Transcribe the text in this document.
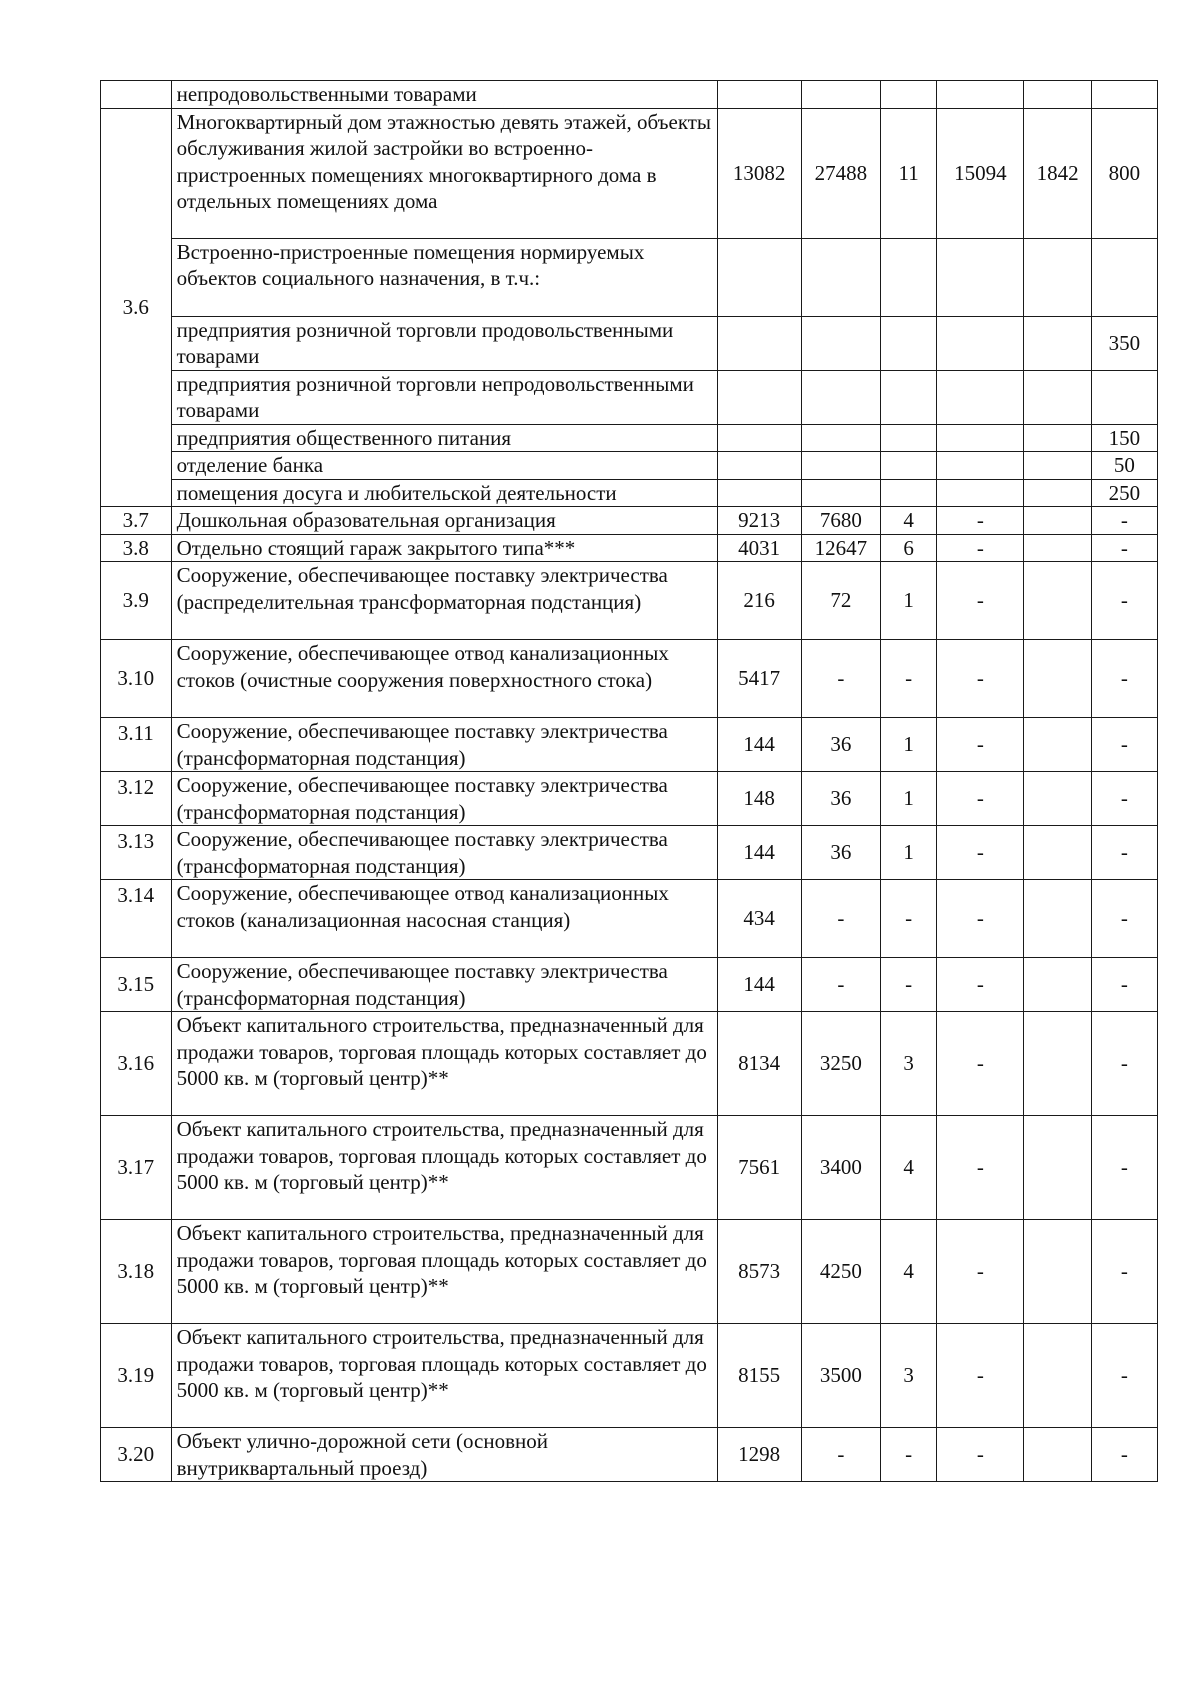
	непродовольственными товарами						
3.6	Многоквартирный дом этажностью девять этажей, объекты обслуживания жилой застройки во встроенно-пристроенных помещениях многоквартирного дома в отдельных помещениях дома	13082	27488	11	15094	1842	800
	Встроенно-пристроенные помещения нормируемых объектов социального назначения, в т.ч.:						
	предприятия розничной торговли продовольственными товарами						350
	предприятия розничной торговли непродовольственными товарами						
	предприятия общественного питания						150
	отделение банка						50
	помещения досуга и любительской деятельности						250
3.7	Дошкольная образовательная организация	9213	7680	4	-		-
3.8	Отдельно стоящий гараж закрытого типа***	4031	12647	6	-		-
3.9	Сооружение, обеспечивающее поставку электричества (распределительная трансформаторная подстанция)	216	72	1	-		-
3.10	Сооружение, обеспечивающее отвод канализационных стоков (очистные сооружения поверхностного стока)	5417	-	-	-		-
3.11	Сооружение, обеспечивающее поставку электричества (трансформаторная подстанция)	144	36	1	-		-
3.12	Сооружение, обеспечивающее поставку электричества (трансформаторная подстанция)	148	36	1	-		-
3.13	Сооружение, обеспечивающее поставку электричества (трансформаторная подстанция)	144	36	1	-		-
3.14	Сооружение, обеспечивающее отвод канализационных стоков (канализационная насосная станция)	434	-	-	-		-
3.15	Сооружение, обеспечивающее поставку электричества (трансформаторная подстанция)	144	-	-	-		-
3.16	Объект капитального строительства, предназначенный для продажи товаров, торговая площадь которых составляет до 5000 кв. м (торговый центр)**	8134	3250	3	-		-
3.17	Объект капитального строительства, предназначенный для продажи товаров, торговая площадь которых составляет до 5000 кв. м (торговый центр)**	7561	3400	4	-		-
3.18	Объект капитального строительства, предназначенный для продажи товаров, торговая площадь которых составляет до 5000 кв. м (торговый центр)**	8573	4250	4	-		-
3.19	Объект капитального строительства, предназначенный для продажи товаров, торговая площадь которых составляет до 5000 кв. м (торговый центр)**	8155	3500	3	-		-
3.20	Объект улично-дорожной сети (основной внутриквартальный проезд)	1298	-	-	-		-
